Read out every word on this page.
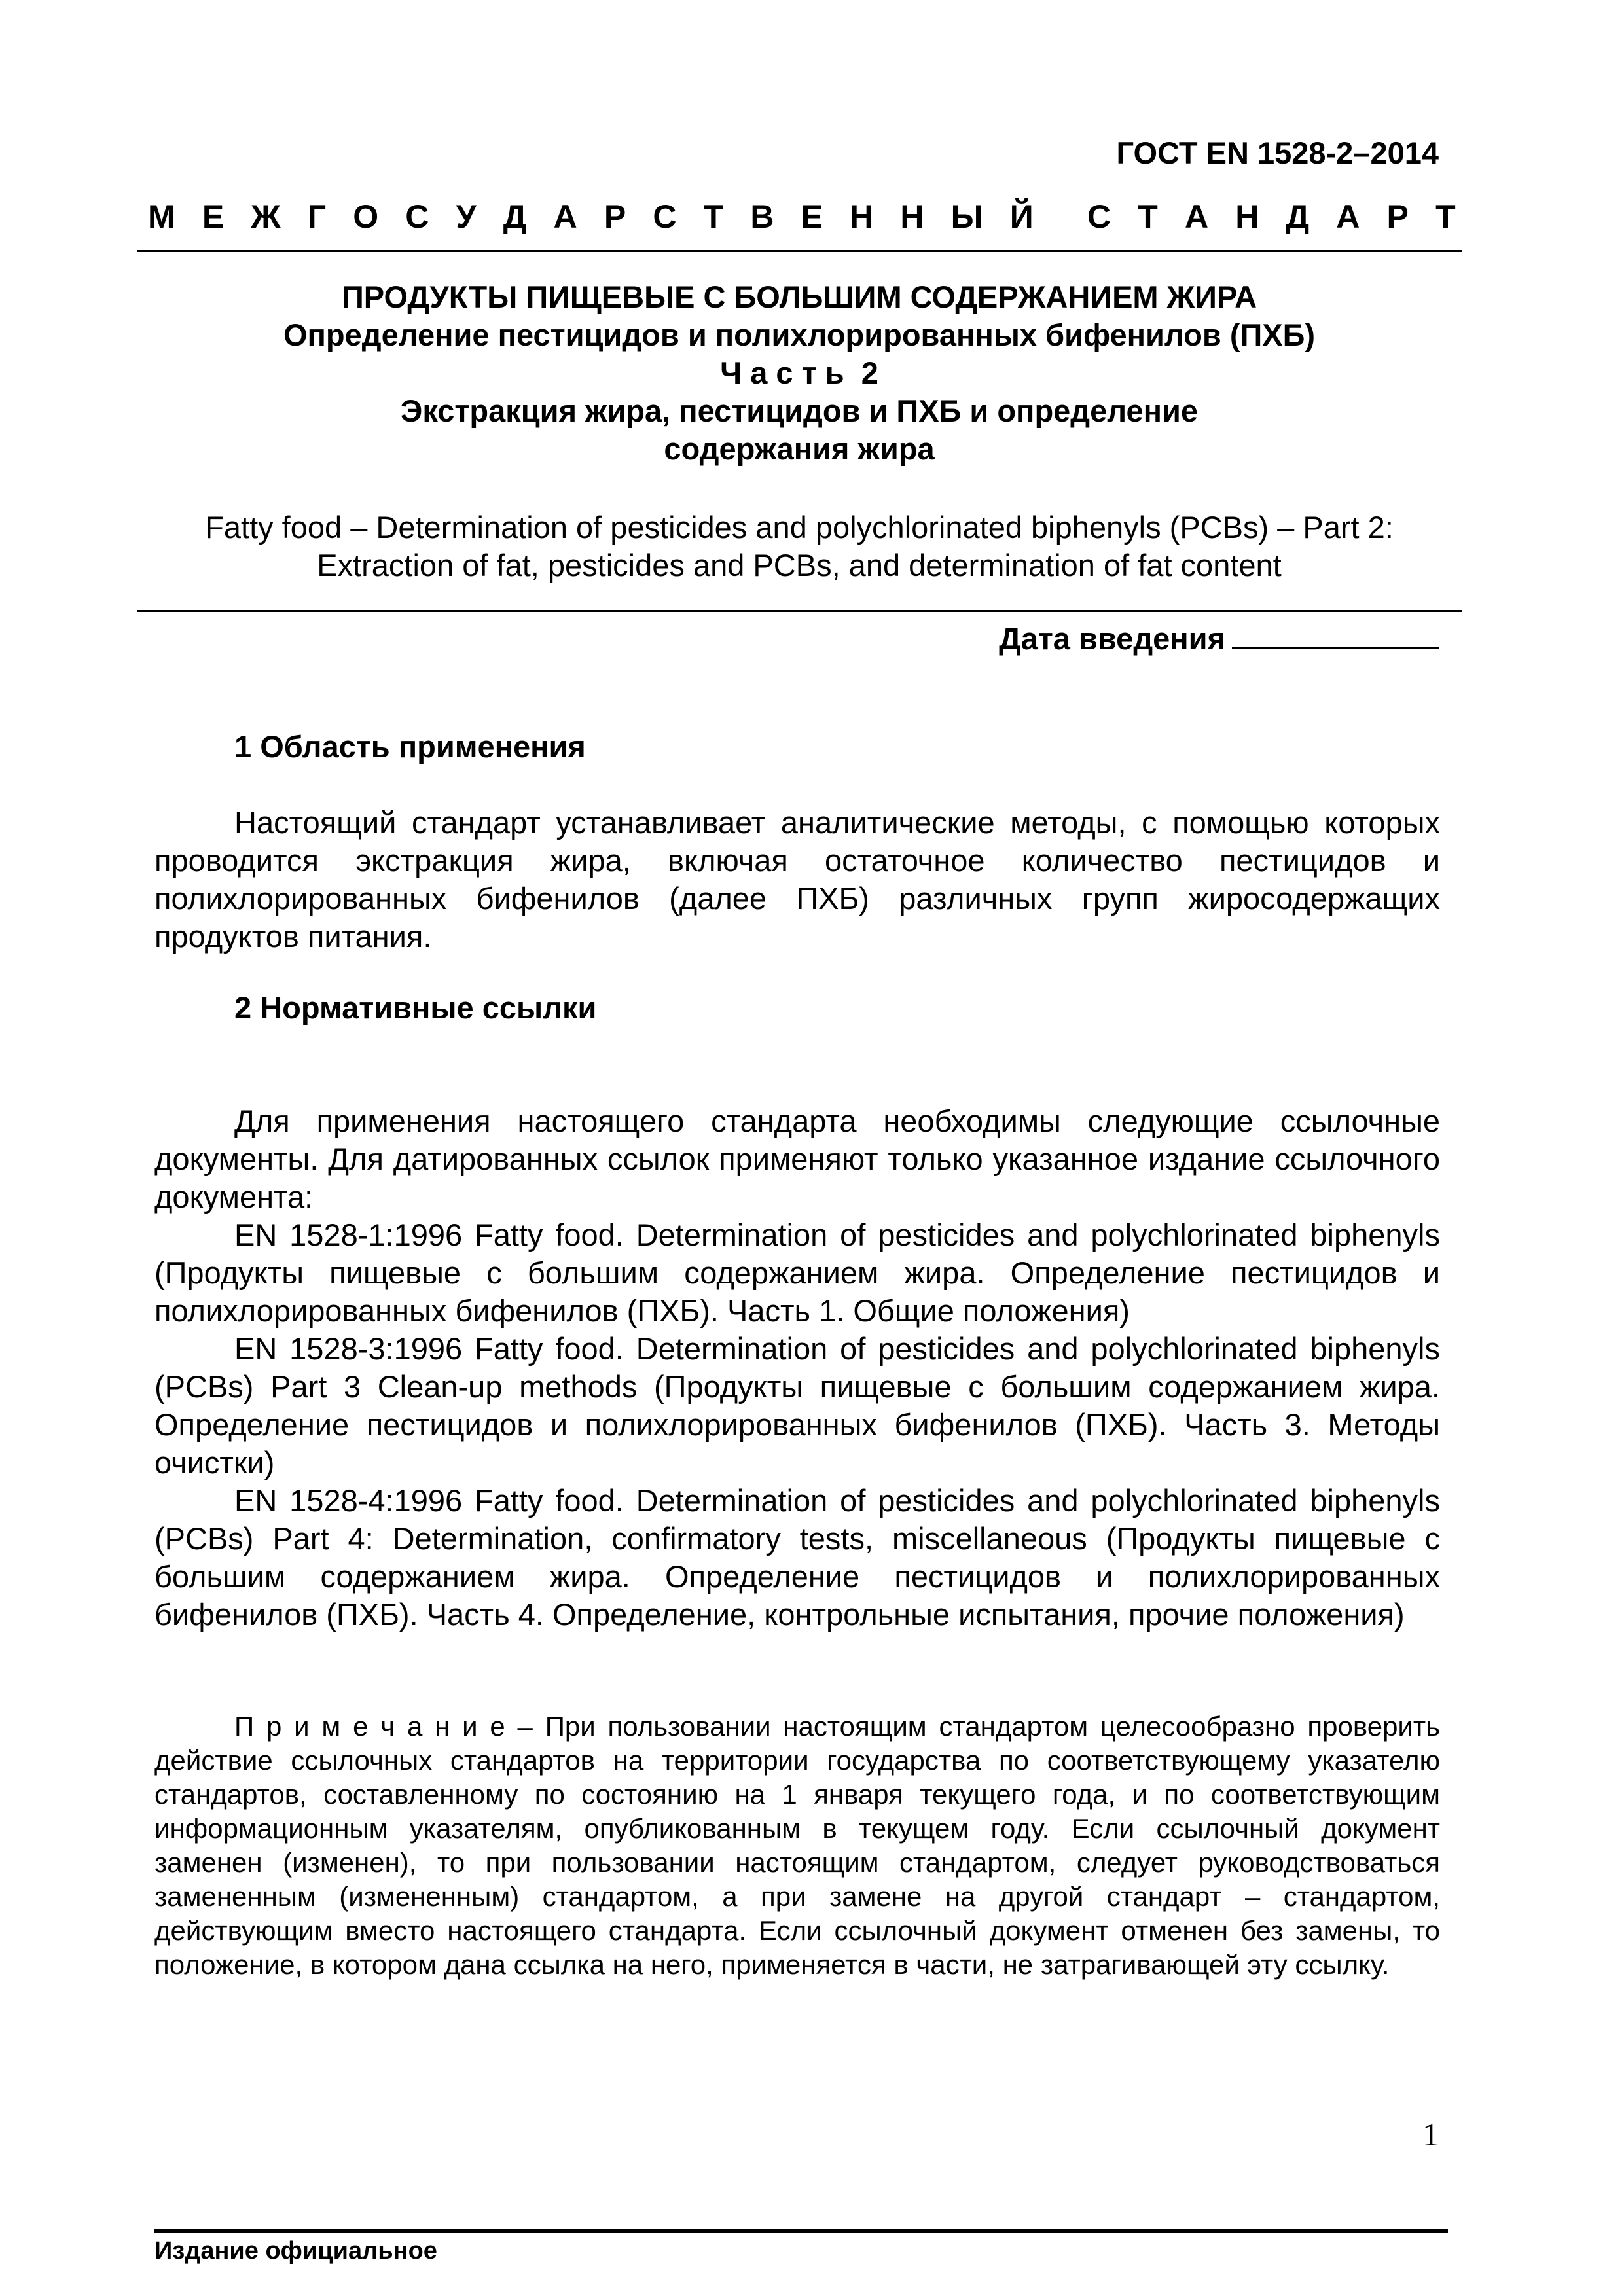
ГОСТ EN 1528-2–2014
М Е Ж Г О С У Д А Р С Т В Е Н Н Ы Й С Т А Н Д А Р Т
ПРОДУКТЫ ПИЩЕВЫЕ С БОЛЬШИМ СОДЕРЖАНИЕМ ЖИРА
Определение пестицидов и полихлорированных бифенилов (ПХБ)
Ч а с т ь  2
Экстракция жира, пестицидов и ПХБ и определение
содержания жира
Fatty food – Determination of pesticides and polychlorinated biphenyls (PCBs) – Part 2:
Extraction of fat, pesticides and PCBs, and determination of fat content
Дата введения
1 Область применения

Настоящий стандарт устанавливает аналитические методы, с помощью которых проводится экстракция жира, включая остаточное количество пестицидов и полихлорированных бифенилов (далее ПХБ) различных групп жиросодержащих продуктов питания.

2 Нормативные ссылки

Для применения настоящего стандарта необходимы следующие ссылочные документы. Для датированных ссылок применяют только указанное издание ссылочного документа:

EN 1528-1:1996 Fatty food. Determination of pesticides and polychlorinated biphenyls (Продукты пищевые с большим содержанием жира. Определение пестицидов и полихлорированных бифенилов (ПХБ). Часть 1. Общие положения)

EN 1528-3:1996 Fatty food. Determination of pesticides and polychlorinated biphenyls (PCBs) Part 3 Clean-up methods (Продукты пищевые с большим содержанием жира. Определение пестицидов и полихлорированных бифенилов (ПХБ). Часть 3. Методы очистки)

EN 1528-4:1996 Fatty food. Determination of pesticides and polychlorinated biphenyls (PCBs) Part 4: Determination, confirmatory tests, miscellaneous (Продукты пищевые с большим содержанием жира. Определение пестицидов и полихлорированных бифенилов (ПХБ). Часть 4. Определение, контрольные испытания, прочие положения)

П р и м е ч а н и е – При пользовании настоящим стандартом целесообразно проверить действие ссылочных стандартов на территории государства по соответствующему указателю стандартов, составленному по состоянию на 1 января текущего года, и по соответствующим информационным указателям, опубликованным в текущем году. Если ссылочный документ заменен (изменен), то при пользовании настоящим стандартом, следует руководствоваться замененным (измененным) стандартом, а при замене на другой стандарт – стандартом, действующим вместо настоящего стандарта. Если ссылочный документ отменен без замены, то положение, в котором дана ссылка на него, применяется в части, не затрагивающей эту ссылку.

Издание официальное
1
